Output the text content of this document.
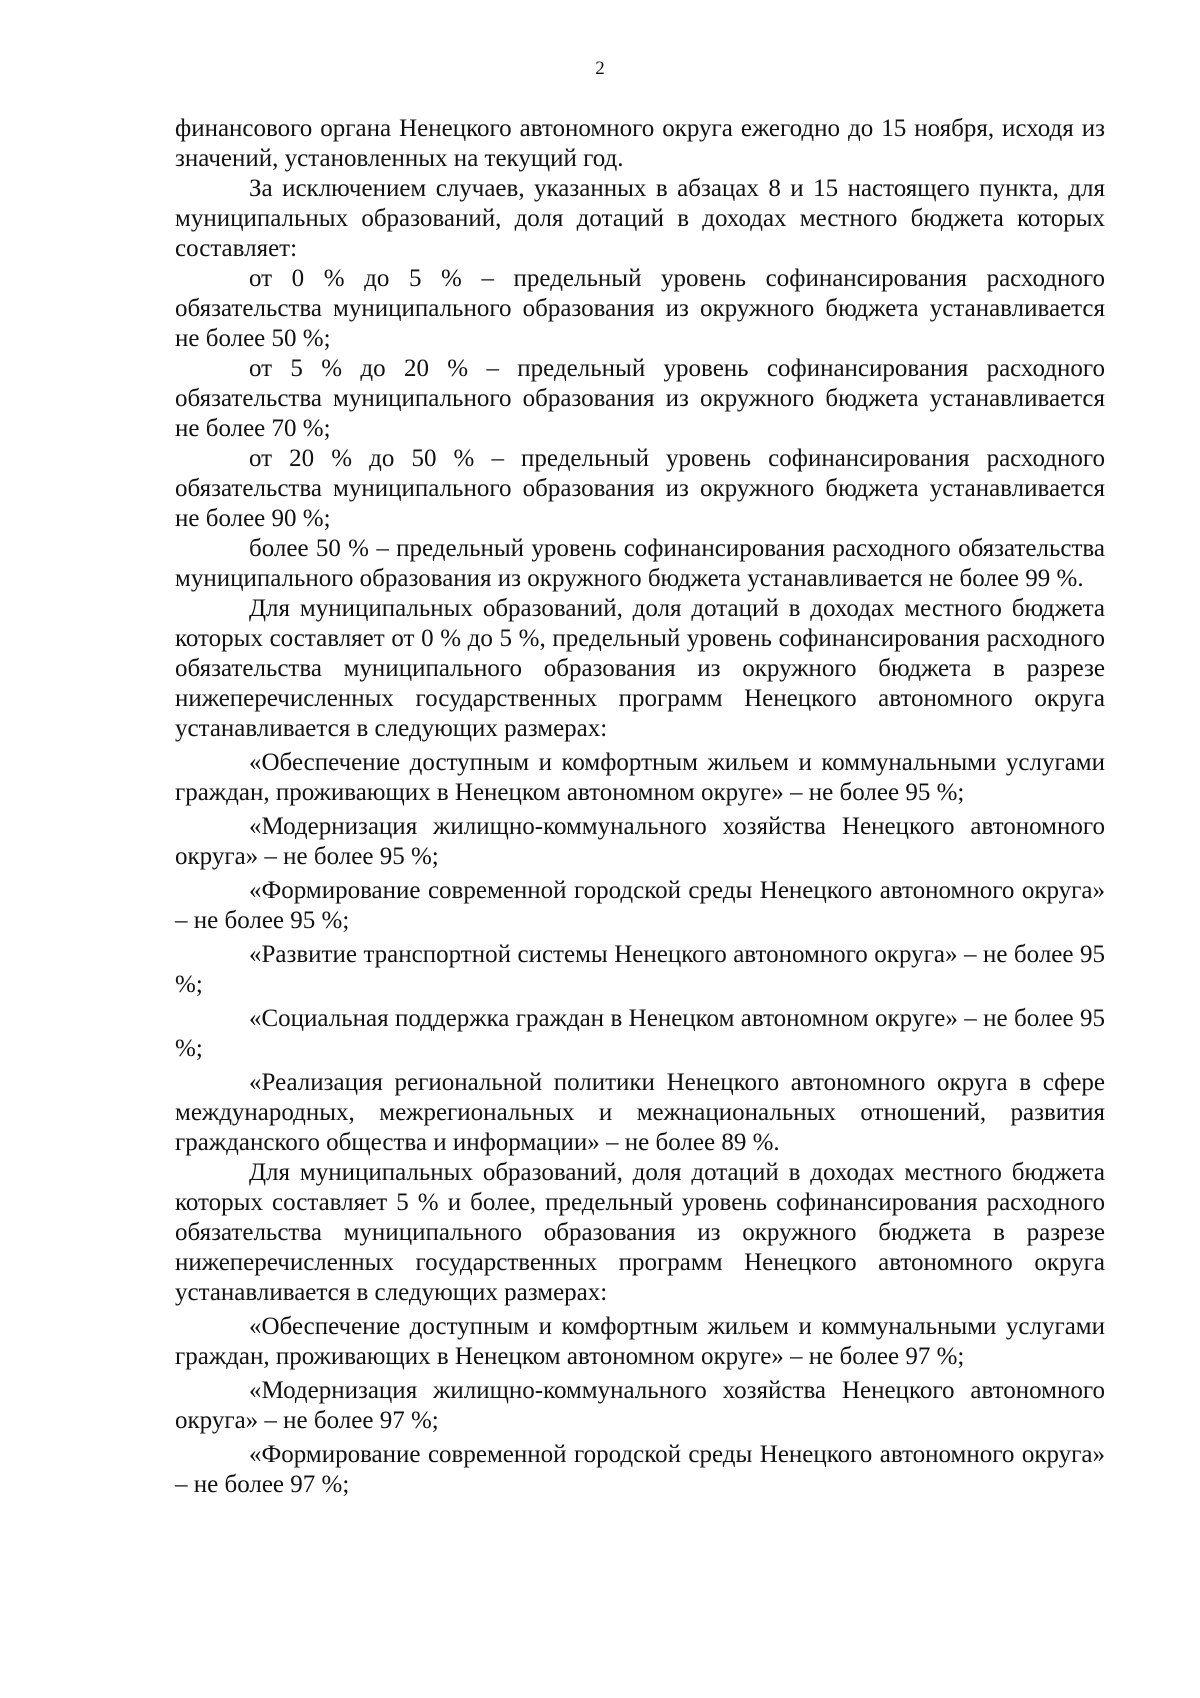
2

финансового органа Ненецкого автономного округа ежегодно до 15 ноября, исходя из значений, установленных на текущий год.

За исключением случаев, указанных в абзацах 8 и 15 настоящего пункта, для муниципальных образований, доля дотаций в доходах местного бюджета которых составляет:

от 0 % до 5 % – предельный уровень софинансирования расходного обязательства муниципального образования из окружного бюджета устанавливается не более 50 %;

от 5 % до 20 % – предельный уровень софинансирования расходного обязательства муниципального образования из окружного бюджета устанавливается не более 70 %;

от 20 % до 50 % – предельный уровень софинансирования расходного обязательства муниципального образования из окружного бюджета устанавливается не более 90 %;

более 50 % – предельный уровень софинансирования расходного обязательства муниципального образования из окружного бюджета устанавливается не более 99 %.

Для муниципальных образований, доля дотаций в доходах местного бюджета которых составляет от 0 % до 5 %, предельный уровень софинансирования расходного обязательства муниципального образования из окружного бюджета в разрезе нижеперечисленных государственных программ Ненецкого автономного округа устанавливается в следующих размерах:

«Обеспечение доступным и комфортным жильем и коммунальными услугами граждан, проживающих в Ненецком автономном округе» – не более 95 %;

«Модернизация жилищно-коммунального хозяйства Ненецкого автономного округа» – не более 95 %;

«Формирование современной городской среды Ненецкого автономного округа» – не более 95 %;

«Развитие транспортной системы Ненецкого автономного округа» – не более 95 %;

«Социальная поддержка граждан в Ненецком автономном округе» – не более 95 %;

«Реализация региональной политики Ненецкого автономного округа в сфере международных, межрегиональных и межнациональных отношений, развития гражданского общества и информации» – не более 89 %.

Для муниципальных образований, доля дотаций в доходах местного бюджета которых составляет 5 % и более, предельный уровень софинансирования расходного обязательства муниципального образования из окружного бюджета в разрезе нижеперечисленных государственных программ Ненецкого автономного округа устанавливается в следующих размерах:

«Обеспечение доступным и комфортным жильем и коммунальными услугами граждан, проживающих в Ненецком автономном округе» – не более 97 %;

«Модернизация жилищно-коммунального хозяйства Ненецкого автономного округа» – не более 97 %;

«Формирование современной городской среды Ненецкого автономного округа» – не более 97 %;
